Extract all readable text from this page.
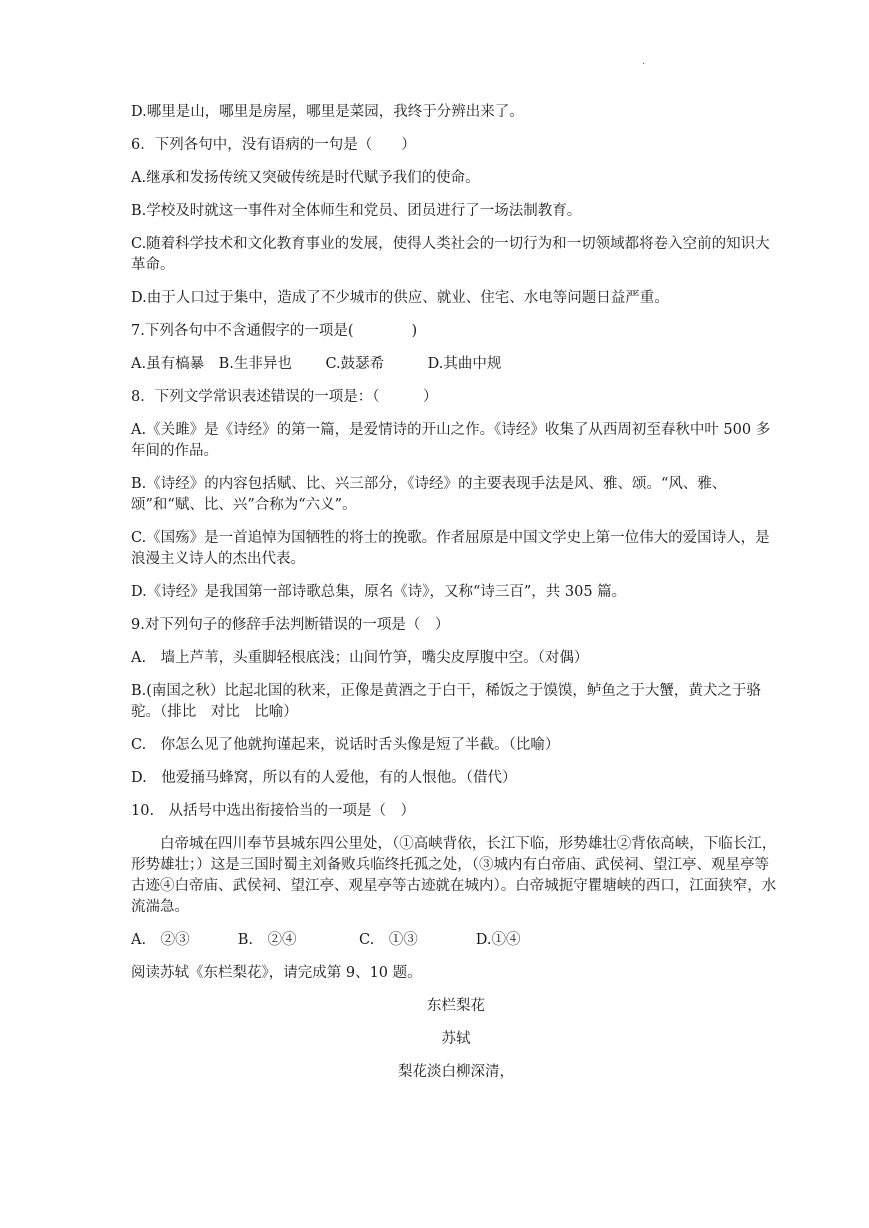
.

D.哪里是山，哪里是房屋，哪里是菜园，我终于分辨出来了。

6．下列各句中，没有语病的一句是（　　）

A.继承和发扬传统又突破传统是时代赋予我们的使命。

B.学校及时就这一事件对全体师生和党员、团员进行了一场法制教育。

C.随着科学技术和文化教育事业的发展，使得人类社会的一切行为和一切领域都将卷入空前的知识大革命。

D.由于人口过于集中，造成了不少城市的供应、就业、住宅、水电等问题日益严重。

7.下列各句中不含通假字的一项是(　　　　)

A.虽有槁暴　B.生非异也　　 C.鼓瑟希　　　D.其曲中规

8．下列文学常识表述错误的一项是：（　　　）

A.《关雎》是《诗经》的第一篇，是爱情诗的开山之作。《诗经》收集了从西周初至春秋中叶 500 多年间的作品。

B.《诗经》的内容包括赋、比、兴三部分，《诗经》的主要表现手法是风、雅、颂。“风、雅、颂”和“赋、比、兴”合称为“六义”。

C.《国殇》是一首追悼为国牺牲的将士的挽歌。作者屈原是中国文学史上第一位伟大的爱国诗人，是浪漫主义诗人的杰出代表。

D.《诗经》是我国第一部诗歌总集，原名《诗》，又称“诗三百”，共 305 篇。

9.对下列句子的修辞手法判断错误的一项是（　）

A.　墙上芦苇，头重脚轻根底浅；山间竹笋，嘴尖皮厚腹中空。（对偶）

B.(南国之秋）比起北国的秋来，正像是黄酒之于白干，稀饭之于馍馍，鲈鱼之于大蟹，黄犬之于骆驼。（排比　对比　比喻）

C.　你怎么见了他就拘谨起来，说话时舌头像是短了半截。（比喻）

D.　他爱捅马蜂窝，所以有的人爱他，有的人恨他。（借代）

10.　从括号中选出衔接恰当的一项是（　）

白帝城在四川奉节县城东四公里处，（①高峡背依，长江下临，形势雄壮②背依高峡，下临长江，形势雄壮；）这是三国时蜀主刘备败兵临终托孤之处，（③城内有白帝庙、武侯祠、望江亭、观星亭等古迹④白帝庙、武侯祠、望江亭、观星亭等古迹就在城内）。白帝城扼守瞿塘峡的西口，江面狭窄，水流湍急。

A.　②③　　　 B.　②④　　　　 C.　①③　　　　D.①④

阅读苏轼《东栏梨花》，请完成第 9、10 题。

东栏梨花

苏轼

梨花淡白柳深清，
